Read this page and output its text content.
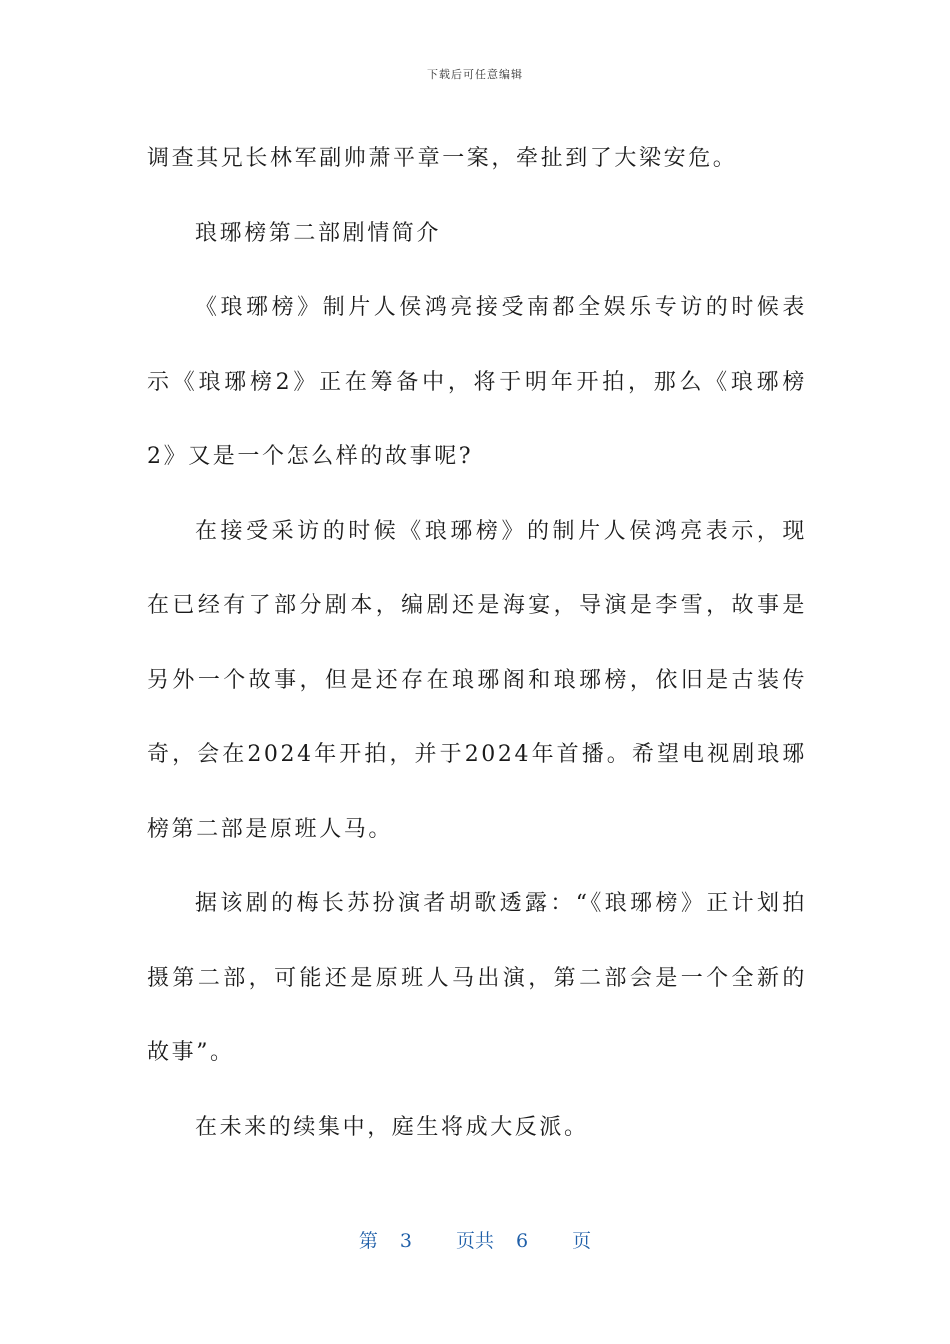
下载后可任意编辑

调查其兄长林军副帅萧平章一案，牵扯到了大梁安危。

琅琊榜第二部剧情简介

《琅琊榜》制片人侯鸿亮接受南都全娱乐专访的时候表示《琅琊榜2》正在筹备中，将于明年开拍，那么《琅琊榜2》又是一个怎么样的故事呢?

在接受采访的时候《琅琊榜》的制片人侯鸿亮表示，现在已经有了部分剧本，编剧还是海宴，导演是李雪，故事是另外一个故事，但是还存在琅琊阁和琅琊榜，依旧是古装传奇，会在2024年开拍，并于2024年首播。希望电视剧琅琊榜第二部是原班人马。

据该剧的梅长苏扮演者胡歌透露：“《琅琊榜》正计划拍摄第二部，可能还是原班人马出演，第二部会是一个全新的故事”。

在未来的续集中，庭生将成大反派。

第 3 页共 6 页
